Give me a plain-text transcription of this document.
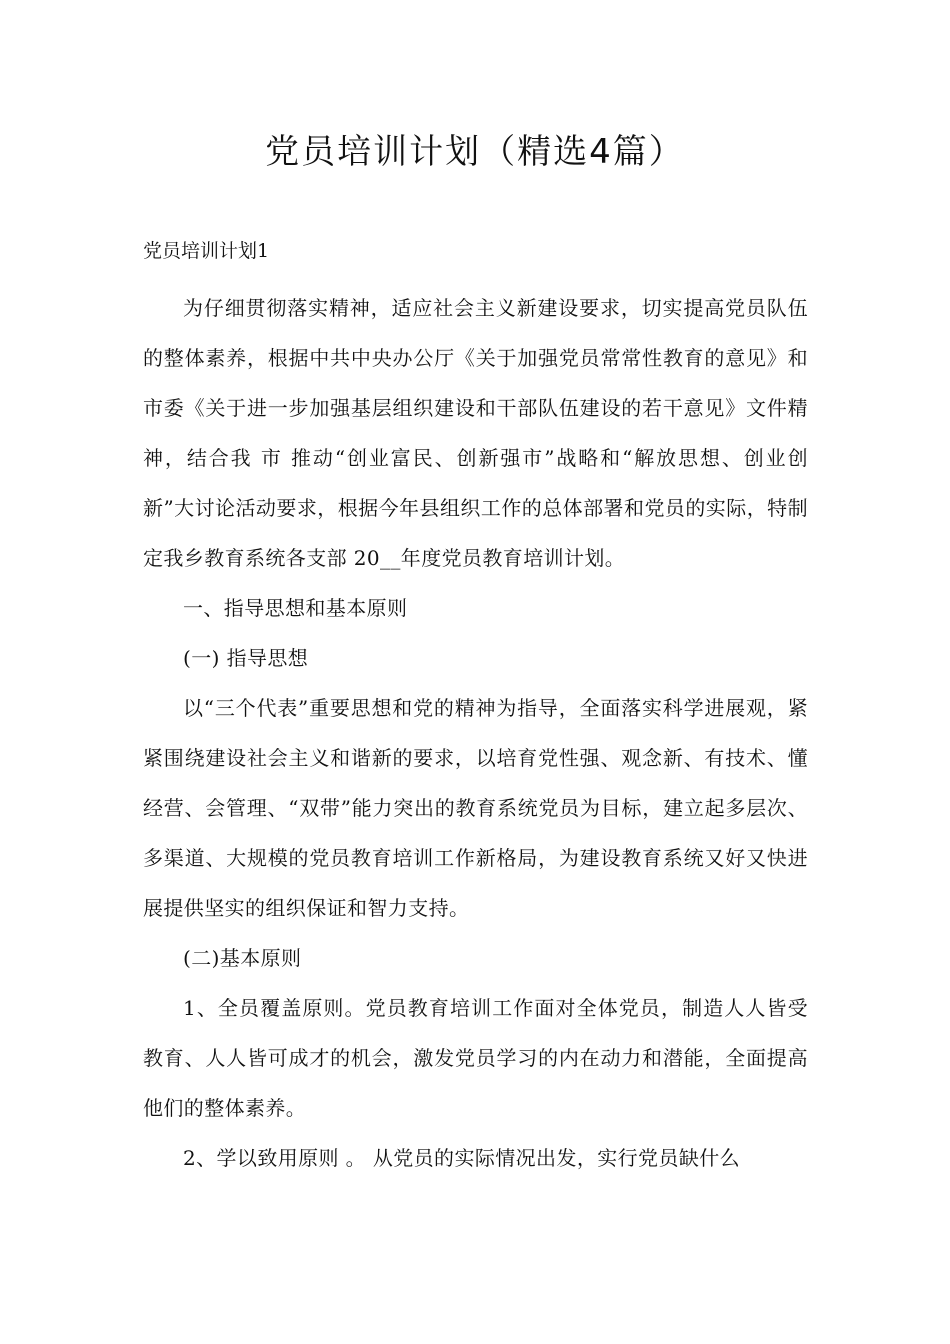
党员培训计划（精选4篇）

党员培训计划1

为仔细贯彻落实精神，适应社会主义新建设要求，切实提高党员队伍的整体素养，根据中共中央办公厅《关于加强党员常常性教育的意见》和市委《关于进一步加强基层组织建设和干部队伍建设的若干意见》文件精神，结合我 市 推动“创业富民、创新强市”战略和“解放思想、创业创新”大讨论活动要求，根据今年县组织工作的总体部署和党员的实际，特制定我乡教育系统各支部 20__年度党员教育培训计划。

一、指导思想和基本原则

(一) 指导思想

以“三个代表”重要思想和党的精神为指导，全面落实科学进展观，紧紧围绕建设社会主义和谐新的要求，以培育党性强、观念新、有技术、懂经营、会管理、“双带”能力突出的教育系统党员为目标，建立起多层次、多渠道、大规模的党员教育培训工作新格局，为建设教育系统又好又快进展提供坚实的组织保证和智力支持。

(二)基本原则

1、全员覆盖原则。党员教育培训工作面对全体党员，制造人人皆受教育、人人皆可成才的机会，激发党员学习的内在动力和潜能，全面提高他们的整体素养。

2、学以致用原则 。 从党员的实际情况出发，实行党员缺什么
